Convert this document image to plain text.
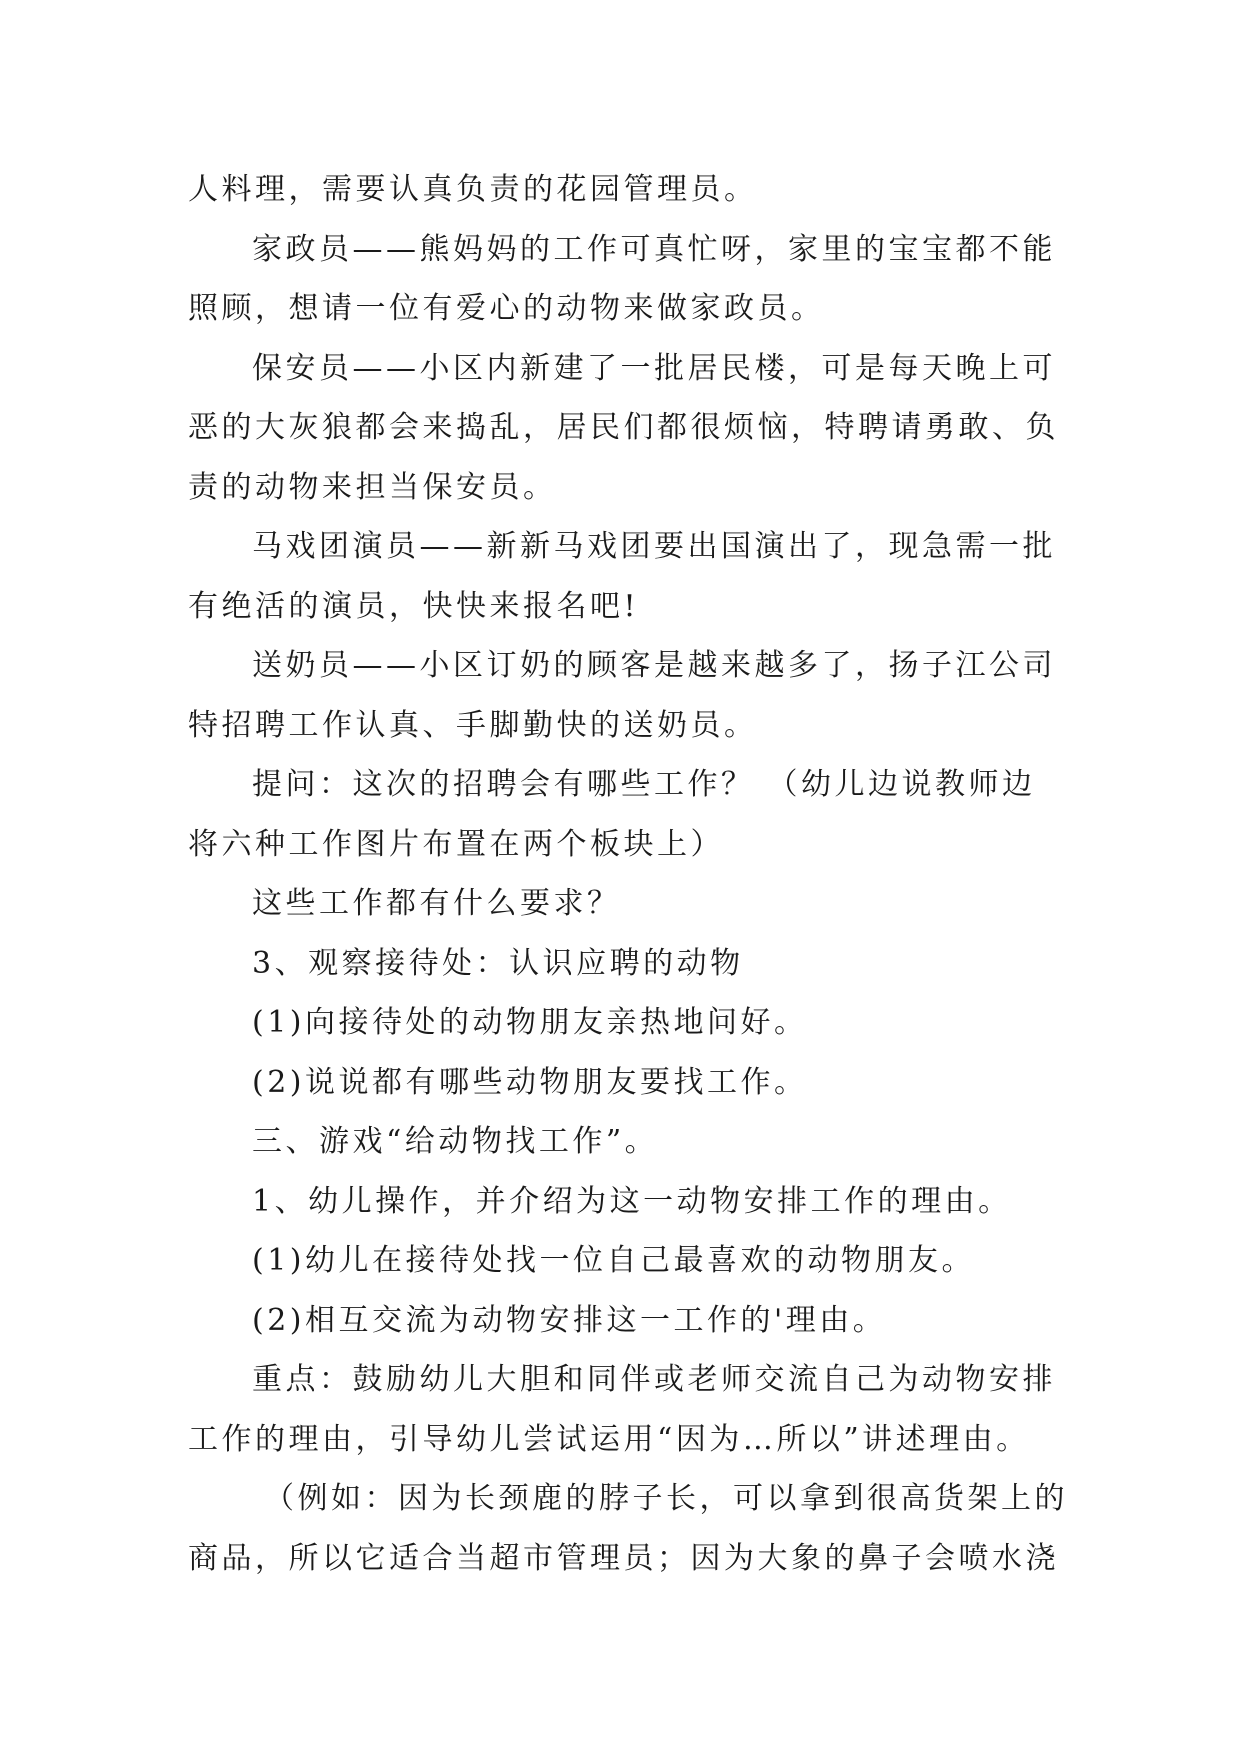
人料理，需要认真负责的花园管理员。
家政员——熊妈妈的工作可真忙呀，家里的宝宝都不能
照顾，想请一位有爱心的动物来做家政员。
保安员——小区内新建了一批居民楼，可是每天晚上可
恶的大灰狼都会来捣乱，居民们都很烦恼，特聘请勇敢、负
责的动物来担当保安员。
马戏团演员——新新马戏团要出国演出了，现急需一批
有绝活的演员，快快来报名吧!
送奶员——小区订奶的顾客是越来越多了，扬子江公司
特招聘工作认真、手脚勤快的送奶员。
提问：这次的招聘会有哪些工作？ （幼儿边说教师边
将六种工作图片布置在两个板块上）
这些工作都有什么要求？
3、观察接待处：认识应聘的动物
(1)向接待处的动物朋友亲热地问好。
(2)说说都有哪些动物朋友要找工作。
三、游戏“给动物找工作”。
1、幼儿操作，并介绍为这一动物安排工作的理由。
(1)幼儿在接待处找一位自己最喜欢的动物朋友。
(2)相互交流为动物安排这一工作的'理由。
重点：鼓励幼儿大胆和同伴或老师交流自己为动物安排
工作的理由，引导幼儿尝试运用“因为…所以”讲述理由。
（例如：因为长颈鹿的脖子长，可以拿到很高货架上的
商品，所以它适合当超市管理员；因为大象的鼻子会喷水浇
